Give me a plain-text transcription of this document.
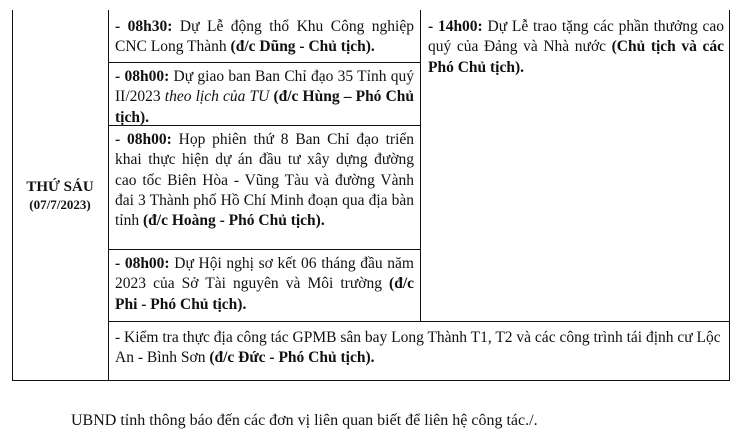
THỨ SÁU
(07/7/2023)
- 08h30: Dự Lễ động thổ Khu Công nghiệp CNC Long Thành (đ/c Dũng - Chủ tịch).
- 08h00: Dự giao ban Ban Chỉ đạo 35 Tỉnh quý II/2023 theo lịch của TU (đ/c Hùng – Phó Chủ tịch).
- 08h00: Họp phiên thứ 8 Ban Chỉ đạo triển khai thực hiện dự án đầu tư xây dựng đường cao tốc Biên Hòa - Vũng Tàu và đường Vành đai 3 Thành phố Hồ Chí Minh đoạn qua địa bàn tỉnh (đ/c Hoàng - Phó Chủ tịch).
- 08h00: Dự Hội nghị sơ kết 06 tháng đầu năm 2023 của Sở Tài nguyên và Môi trường (đ/c Phi - Phó Chủ tịch).
- 14h00: Dự Lễ trao tặng các phần thưởng cao quý của Đảng và Nhà nước (Chủ tịch và các Phó Chủ tịch).
- Kiểm tra thực địa công tác GPMB sân bay Long Thành T1, T2 và các công trình tái định cư Lộc An - Bình Sơn (đ/c Đức - Phó Chủ tịch).
UBND tỉnh thông báo đến các đơn vị liên quan biết để liên hệ công tác./.
